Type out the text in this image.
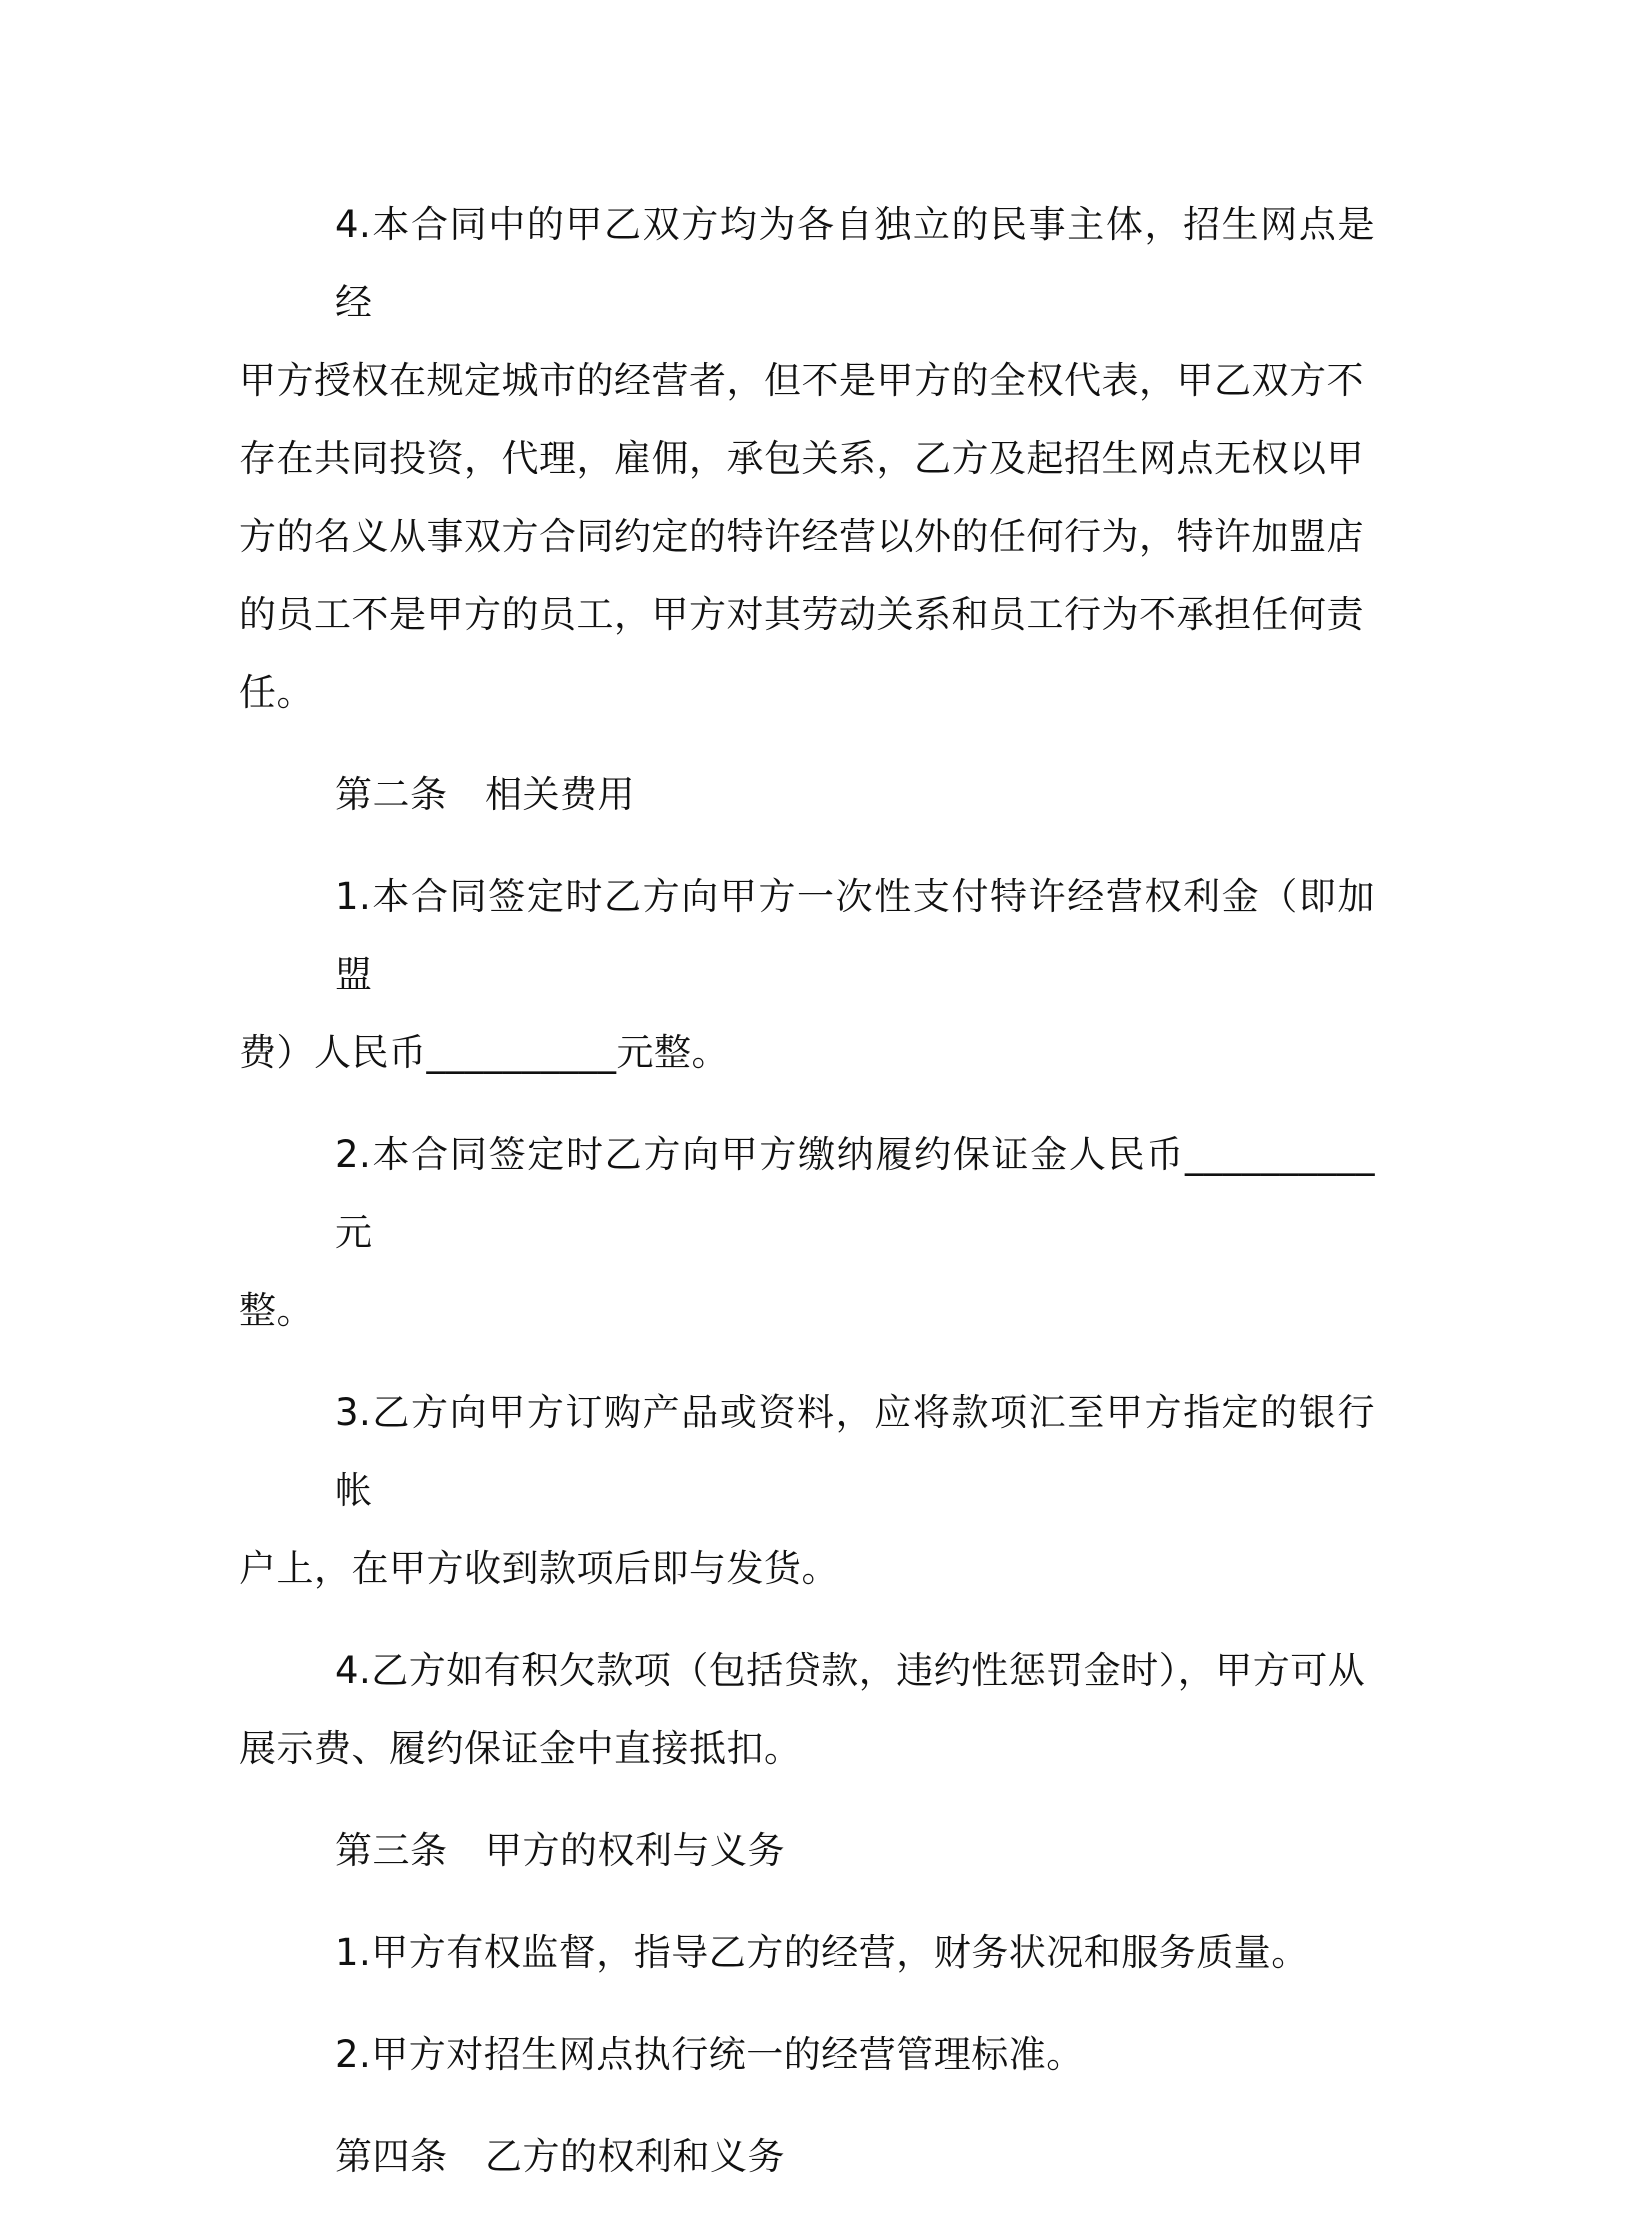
4.本合同中的甲乙双方均为各自独立的民事主体，招生网点是经
甲方授权在规定城市的经营者，但不是甲方的全权代表，甲乙双方不
存在共同投资，代理，雇佣，承包关系，乙方及起招生网点无权以甲
方的名义从事双方合同约定的特许经营以外的任何行为，特许加盟店
的员工不是甲方的员工，甲方对其劳动关系和员工行为不承担任何责
任。

第二条　相关费用

1.本合同签定时乙方向甲方一次性支付特许经营权利金（即加盟
费）人民币__________元整。

2.本合同签定时乙方向甲方缴纳履约保证金人民币__________元
整。

3.乙方向甲方订购产品或资料，应将款项汇至甲方指定的银行帐
户上，在甲方收到款项后即与发货。

4.乙方如有积欠款项（包括贷款，违约性惩罚金时），甲方可从
展示费、履约保证金中直接抵扣。

第三条　甲方的权利与义务

1.甲方有权监督，指导乙方的经营，财务状况和服务质量。

2.甲方对招生网点执行统一的经营管理标准。

第四条　乙方的权利和义务
